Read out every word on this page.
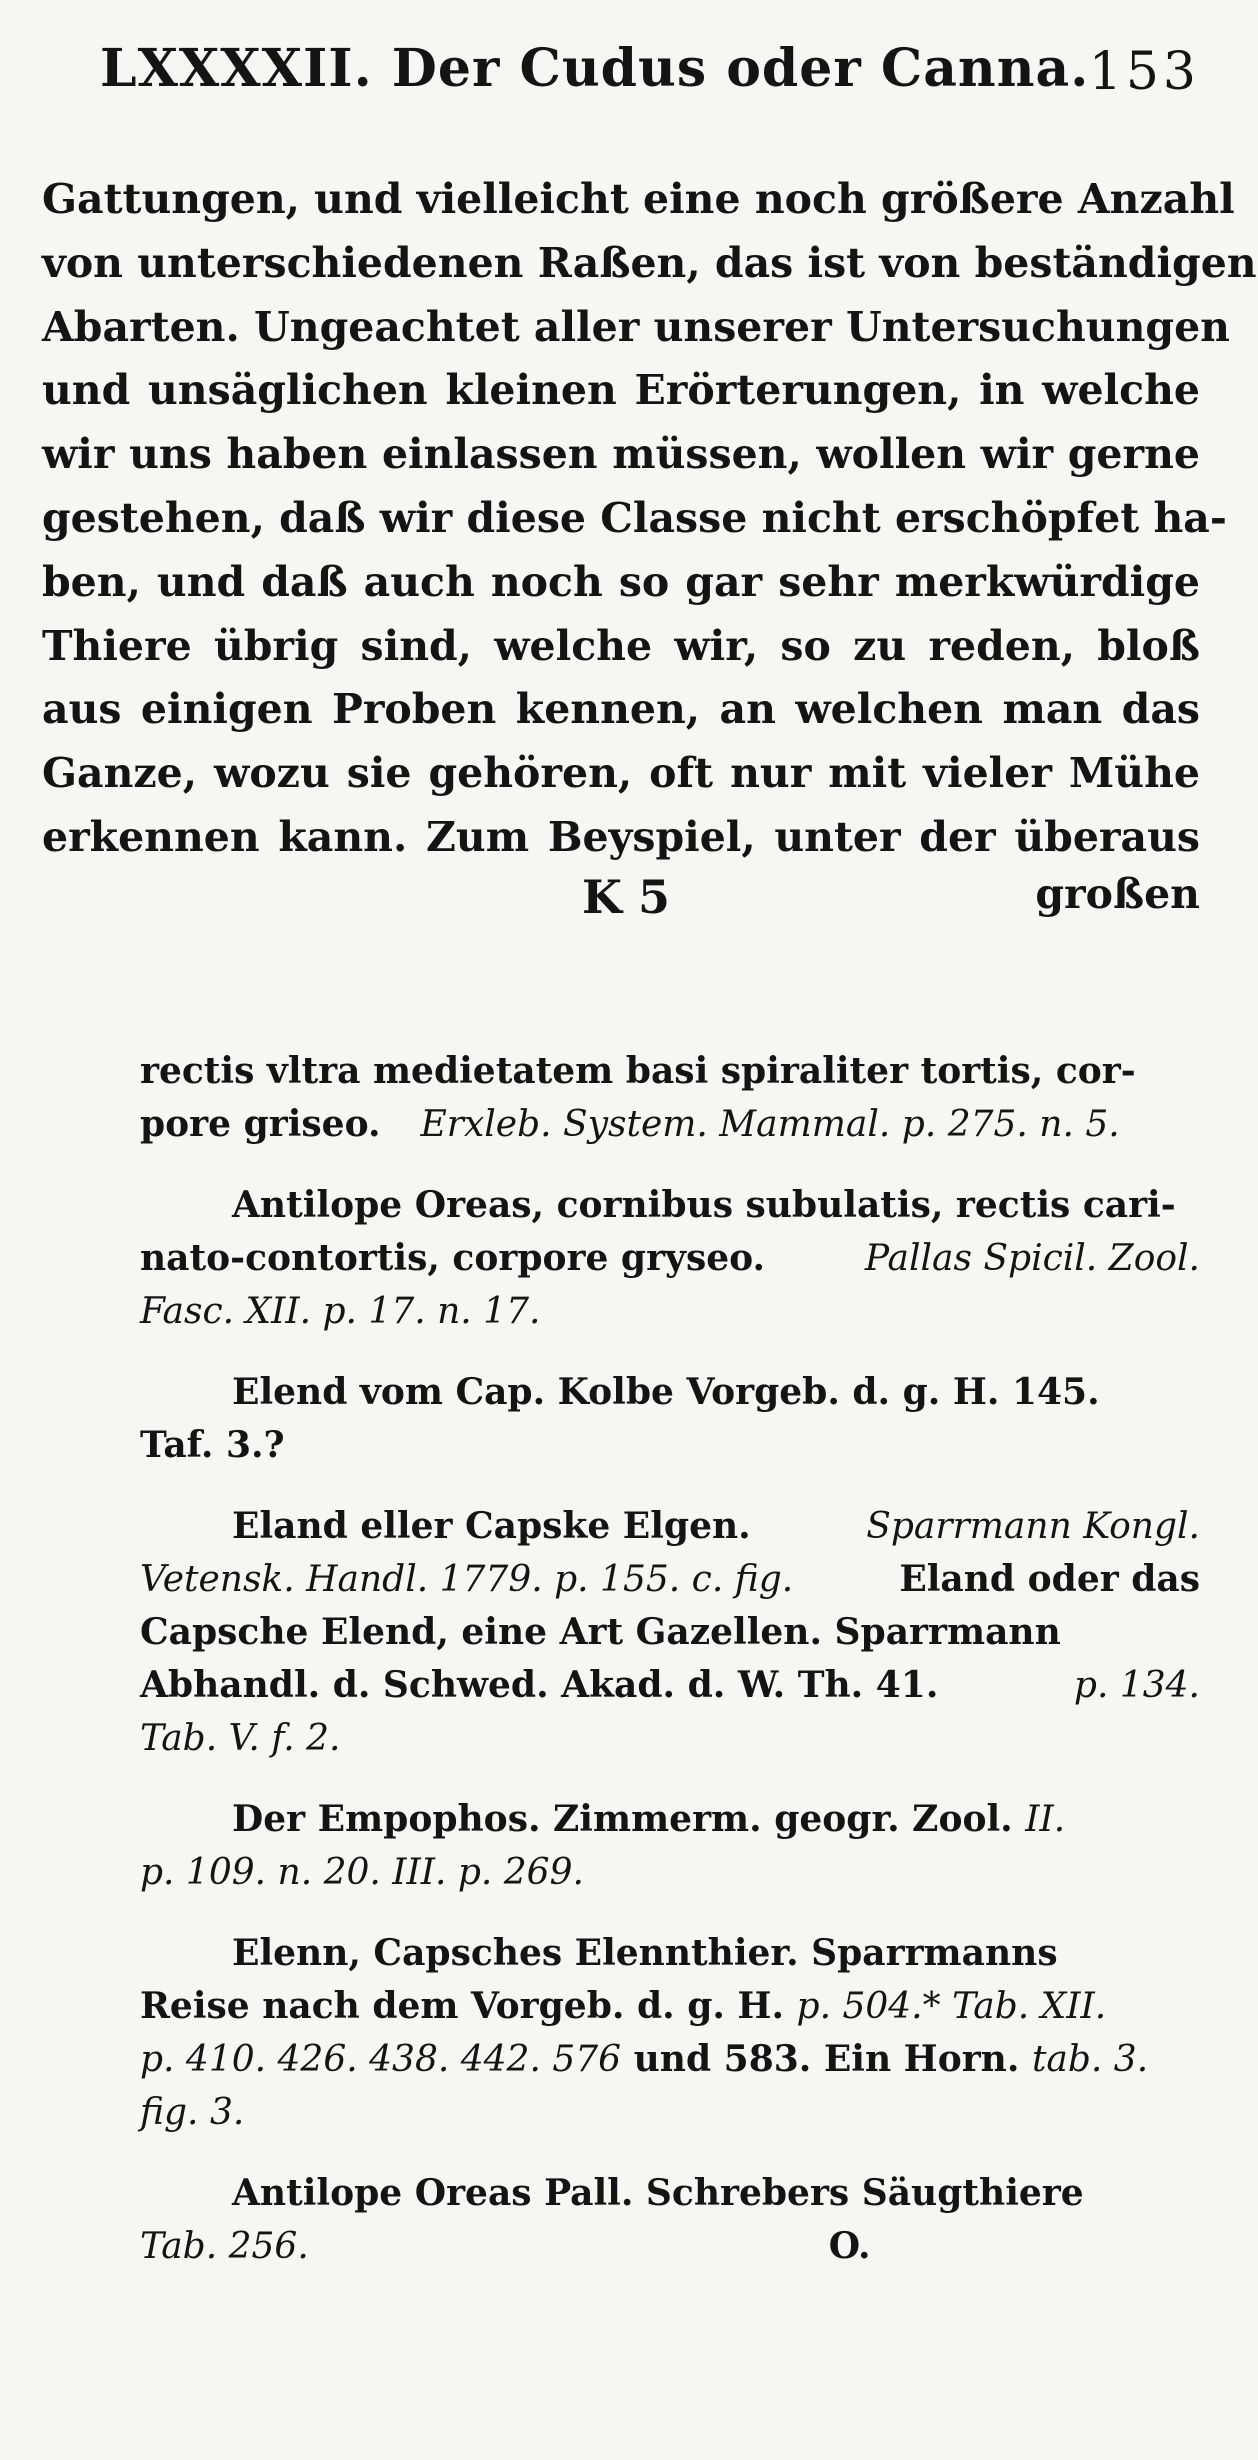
LXXXXII. Der Cudus oder Canna. 153
Gattungen, und vielleicht eine noch größere Anzahl
von unterschiedenen Raßen, das ist von beständigen
Abarten. Ungeachtet aller unserer Untersuchungen
und unsäglichen kleinen Erörterungen, in welche
wir uns haben einlassen müssen, wollen wir gerne
gestehen, daß wir diese Classe nicht erschöpfet ha-
ben, und daß auch noch so gar sehr merkwürdige
Thiere übrig sind, welche wir, so zu reden, bloß
aus einigen Proben kennen, an welchen man das
Ganze, wozu sie gehören, oft nur mit vieler Mühe
erkennen kann. Zum Beyspiel, unter der überaus
K 5	großen
rectis vltra medietatem basi spiraliter tortis, cor-
pore griseo. Erxleb. System. Mammal. p. 275. n. 5.
Antilope Oreas, cornibus subulatis, rectis cari-
nato-contortis, corpore gryseo.	Pallas Spicil. Zool.
Fasc. XII. p. 17. n. 17.
Elend vom Cap. Kolbe Vorgeb. d. g. H. 145.
Taf. 3.?
Eland eller Capske Elgen.	Sparrmann Kongl.
Vetensk. Handl. 1779. p. 155. c. fig.	Eland oder das
Capsche Elend, eine Art Gazellen. Sparrmann
Abhandl. d. Schwed. Akad. d. W. Th. 41.	p. 134.
Tab. V. f. 2.
Der Empophos. Zimmerm. geogr. Zool. II.
p. 109. n. 20. III. p. 269.
Elenn, Capsches Elennthier. Sparrmanns
Reise nach dem Vorgeb. d. g. H. p. 504.* Tab. XII.
p. 410. 426. 438. 442. 576 und 583. Ein Horn. tab. 3.
fig. 3.
Antilope Oreas Pall. Schrebers Säugthiere
Tab. 256.	O.
